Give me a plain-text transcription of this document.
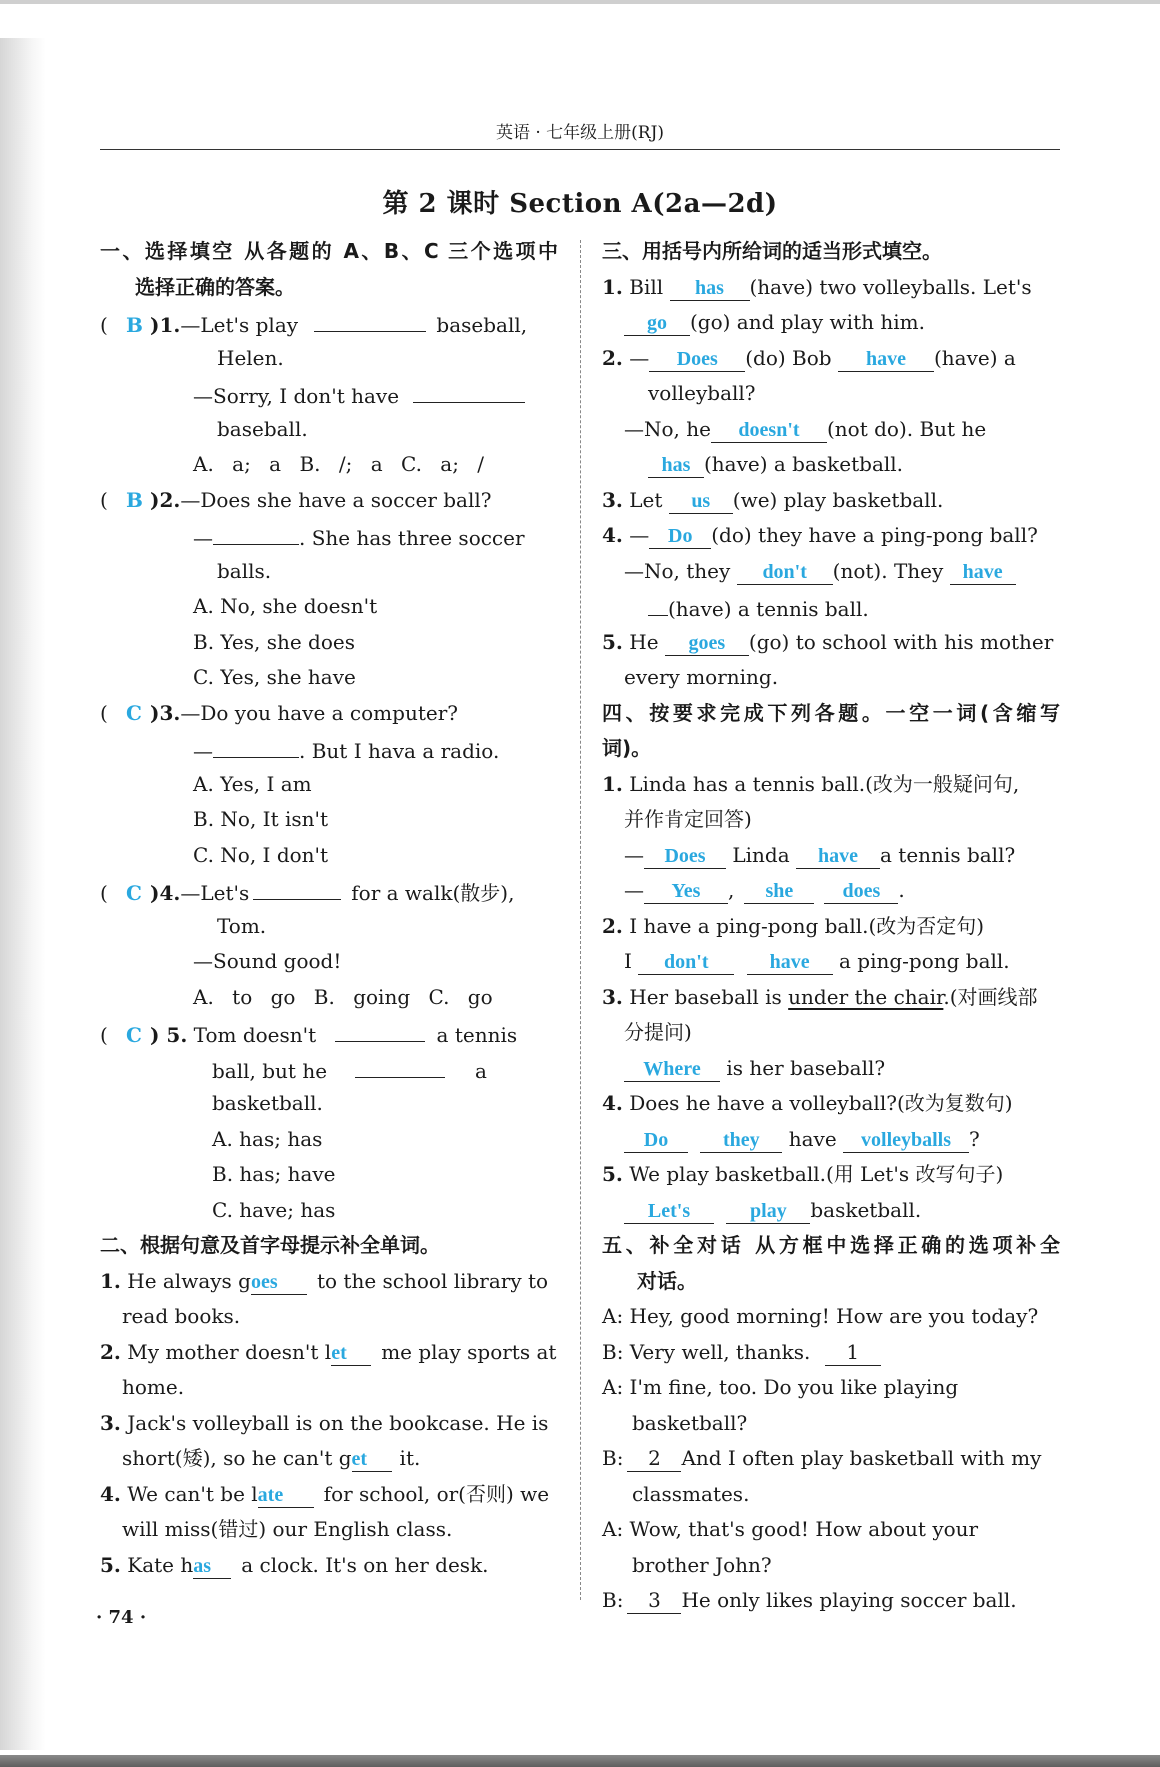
英语 · 七年级上册(RJ)
第 2 课时 Section A(2a—2d)
一、选择填空 从各题的 A、B、C 三个选项中
选择正确的答案。
( B )1.—Let's play	baseball,
Helen.
—Sorry, I don't have
baseball.
A. a; a B. /; a C. a; /
( B )2.—Does she have a soccer ball?
—	. She has three soccer
balls.
A. No, she doesn't
B. Yes, she does
C. Yes, she have
( C )3.—Do you have a computer?
—	. But I hava a radio.
A. Yes, I am
B. No, It isn't
C. No, I don't
( C )4.—Let's	for a walk(散步),
Tom.
—Sound good!
A. to go B. going C. go
( C ) 5. Tom doesn't	a tennis
ball, but he	a
basketball.
A. has; has
B. has; have
C. have; has
二、根据句意及首字母提示补全单词。
1. He always goes to the school library to
read books.
2. My mother doesn't let me play sports at
home.
3. Jack's volleyball is on the bookcase. He is
short(矮), so he can't get it.
4. We can't be late for school, or(否则) we
will miss(错过) our English class.
5. Kate has a clock. It's on her desk.
三、用括号内所给词的适当形式填空。
1. Bill has (have) two volleyballs. Let's
go (go) and play with him.
2. — Does (do) Bob have (have) a
volleyball?
—No, he doesn't (not do). But he
has (have) a basketball.
3. Let us (we) play basketball.
4. — Do (do) they have a ping-pong ball?
—No, they don't (not). They have
(have) a tennis ball.
5. He goes (go) to school with his mother
every morning.
四、按要求完成下列各题。一空一词(含缩写
词)。
1. Linda has a tennis ball.(改为一般疑问句,
并作肯定回答)
— Does Linda have a tennis ball?
— Yes , she does .
2. I have a ping-pong ball.(改为否定句)
I don't	have a ping-pong ball.
3. Her baseball is under the chair.(对画线部
分提问)
Where is her baseball?
4. Does he have a volleyball?(改为复数句)
Do	they have volleyballs ?
5. We play basketball.(用 Let's 改写句子)
Let's	play basketball.
五、补全对话 从方框中选择正确的选项补全
对话。
A: Hey, good morning! How are you today?
B: Very well, thanks. 1
A: I'm fine, too. Do you like playing
basketball?
B: 2 And I often play basketball with my
classmates.
A: Wow, that's good! How about your
brother John?
B: 3 He only likes playing soccer ball.
· 74 ·
